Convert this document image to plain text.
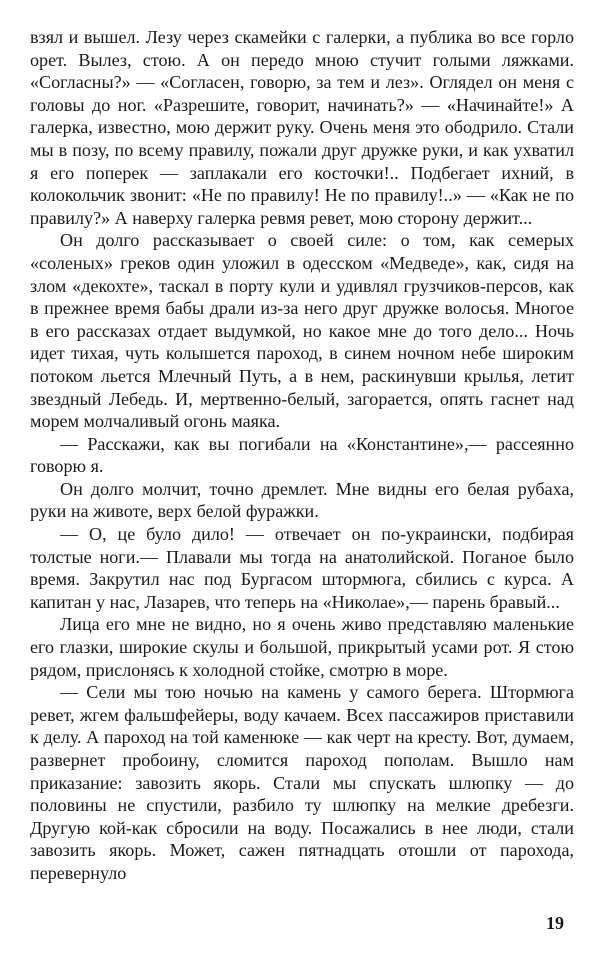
взял и вышел. Лезу через скамейки с галерки, а публика во все горло орет. Вылез, стою. А он передо мною стучит голыми ляжками. «Согласны?» — «Согласен, говорю, за тем и лез». Оглядел он меня с головы до ног. «Разрешите, говорит, начинать?» — «Начинайте!» А галерка, известно, мою держит руку. Очень меня это ободрило. Стали мы в позу, по всему правилу, пожали друг дружке руки, и как ухватил я его поперек — заплакали его косточки!.. Подбегает ихний, в колокольчик звонит: «Не по правилу! Не по правилу!..» — «Как не по правилу?» А наверху галерка ревмя ревет, мою сторону держит...

Он долго рассказывает о своей силе: о том, как семерых «соленых» греков один уложил в одесском «Медведе», как, сидя на злом «декохте», таскал в порту кули и удивлял грузчиков-персов, как в прежнее время бабы драли из-за него друг дружке волосья. Многое в его рассказах отдает выдумкой, но какое мне до того дело... Ночь идет тихая, чуть колышется пароход, в синем ночном небе широким потоком льется Млечный Путь, а в нем, раскинувши крылья, летит звездный Лебедь. И, мертвенно-белый, загорается, опять гаснет над морем молчаливый огонь маяка.

— Расскажи, как вы погибали на «Константине»,— рассеянно говорю я.

Он долго молчит, точно дремлет. Мне видны его белая рубаха, руки на животе, верх белой фуражки.

— О, це було дило! — отвечает он по-украински, подбирая толстые ноги.— Плавали мы тогда на анатолийской. Поганое было время. Закрутил нас под Бургасом штормюга, сбились с курса. А капитан у нас, Лазарев, что теперь на «Николае»,— парень бравый...

Лица его мне не видно, но я очень живо представляю маленькие его глазки, широкие скулы и большой, прикрытый усами рот. Я стою рядом, прислонясь к холодной стойке, смотрю в море.

— Сели мы тою ночью на камень у самого берега. Штормюга ревет, жгем фальшфейеры, воду качаем. Всех пассажиров приставили к делу. А пароход на той каменюке — как черт на кресту. Вот, думаем, развернет пробоину, сломится пароход пополам. Вышло нам приказание: завозить якорь. Стали мы спускать шлюпку — до половины не спустили, разбило ту шлюпку на мелкие дребезги. Другую кой-как сбросили на воду. Посажались в нее люди, стали завозить якорь. Может, сажен пятнадцать отошли от парохода, перевернуло

19
